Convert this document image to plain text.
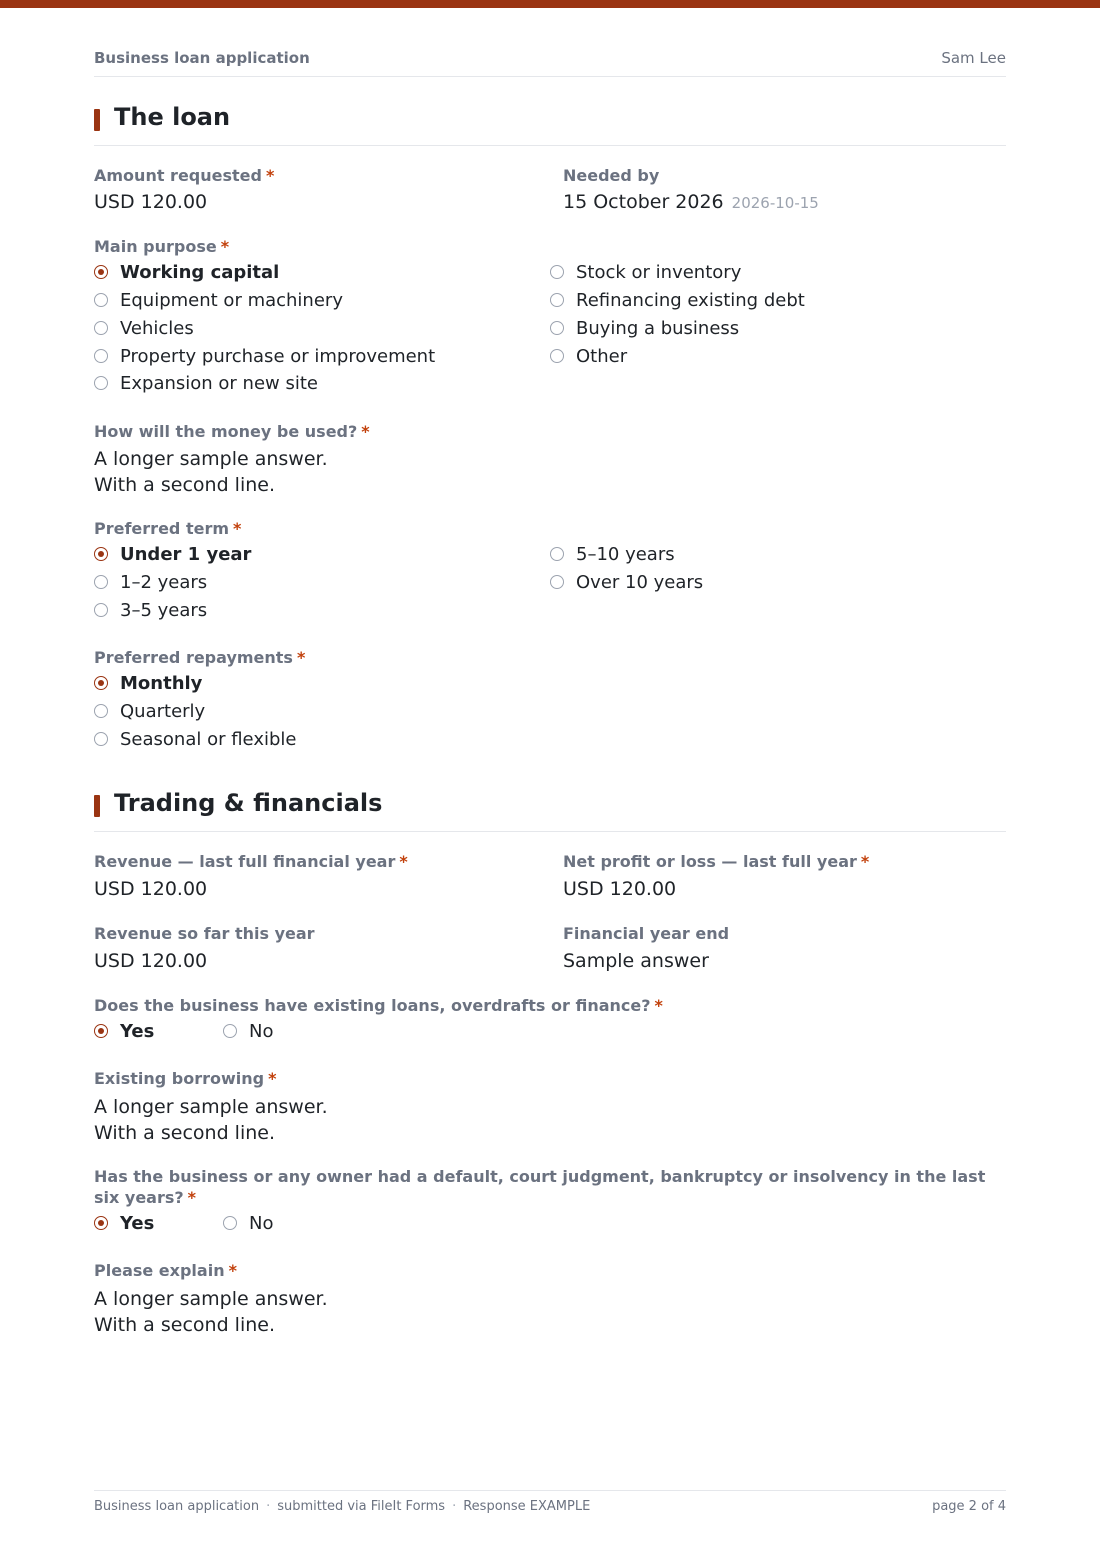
Business loan application	Sam Lee
The loan
Amount requested *
USD 120.00
Needed by
15 October 2026 2026-10-15
Main purpose *
Working capital
Equipment or machinery
Vehicles
Property purchase or improvement
Expansion or new site
Stock or inventory
Refinancing existing debt
Buying a business
Other
How will the money be used? *
A longer sample answer.
With a second line.
Preferred term *
Under 1 year
1–2 years
3–5 years
5–10 years
Over 10 years
Preferred repayments *
Monthly
Quarterly
Seasonal or flexible
Trading & financials
Revenue — last full financial year *
USD 120.00
Net profit or loss — last full year *
USD 120.00
Revenue so far this year
USD 120.00
Financial year end
Sample answer
Does the business have existing loans, overdrafts or finance? *
Yes	No
Existing borrowing *
A longer sample answer.
With a second line.
Has the business or any owner had a default, court judgment, bankruptcy or insolvency in the last six years? *
Yes	No
Please explain *
A longer sample answer.
With a second line.
Business loan application · submitted via FileIt Forms · Response EXAMPLE	page 2 of 4
